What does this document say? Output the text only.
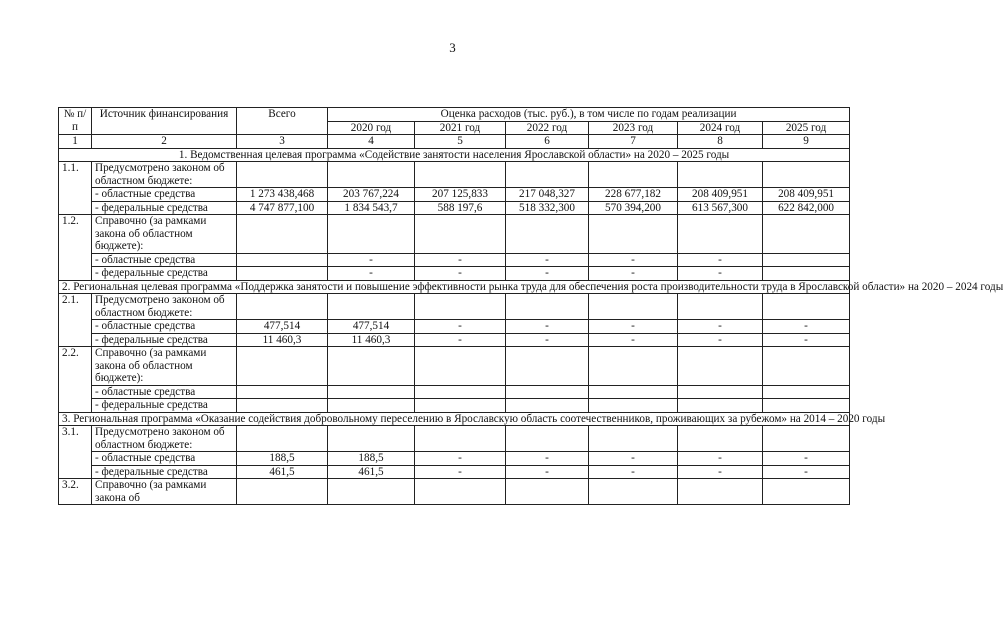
3
№ п/п	Источник финансирования	Всего	Оценка расходов (тыс. руб.), в том числе по годам реализации					
			2020 год	2021 год	2022 год	2023 год	2024 год	2025 год
1	2	3	4	5	6	7	8	9
1. Ведомственная целевая программа «Содействие занятости населения Ярославской области» на 2020 – 2025 годы								
1.1.	Предусмотрено законом об областном бюджете:							
	- областные средства	1 273 438,468	203 767,224	207 125,833	217 048,327	228 677,182	208 409,951	208 409,951
	- федеральные средства	4 747 877,100	1 834 543,7	588 197,6	518 332,300	570 394,200	613 567,300	622 842,000
1.2.	Справочно (за рамками закона об областном бюджете):							
	- областные средства		-	-	-	-	-	
	- федеральные средства		-	-	-	-	-	
2. Региональная целевая программа «Поддержка занятости и повышение эффективности рынка труда для обеспечения роста производительности труда в Ярославской области» на 2020 – 2024 годы								
2.1.	Предусмотрено законом об областном бюджете:							
	- областные средства	477,514	477,514	-	-	-	-	-
	- федеральные средства	11 460,3	11 460,3	-	-	-	-	-
2.2.	Справочно (за рамками закона об областном бюджете):							
	- областные средства							
	- федеральные средства							
3. Региональная программа «Оказание содействия добровольному переселению в Ярославскую область соотечественников, проживающих за рубежом» на 2014 – 2020 годы								
3.1.	Предусмотрено законом об областном бюджете:							
	- областные средства	188,5	188,5	-	-	-	-	-
	- федеральные средства	461,5	461,5	-	-	-	-	-
3.2.	Справочно (за рамками закона об							
